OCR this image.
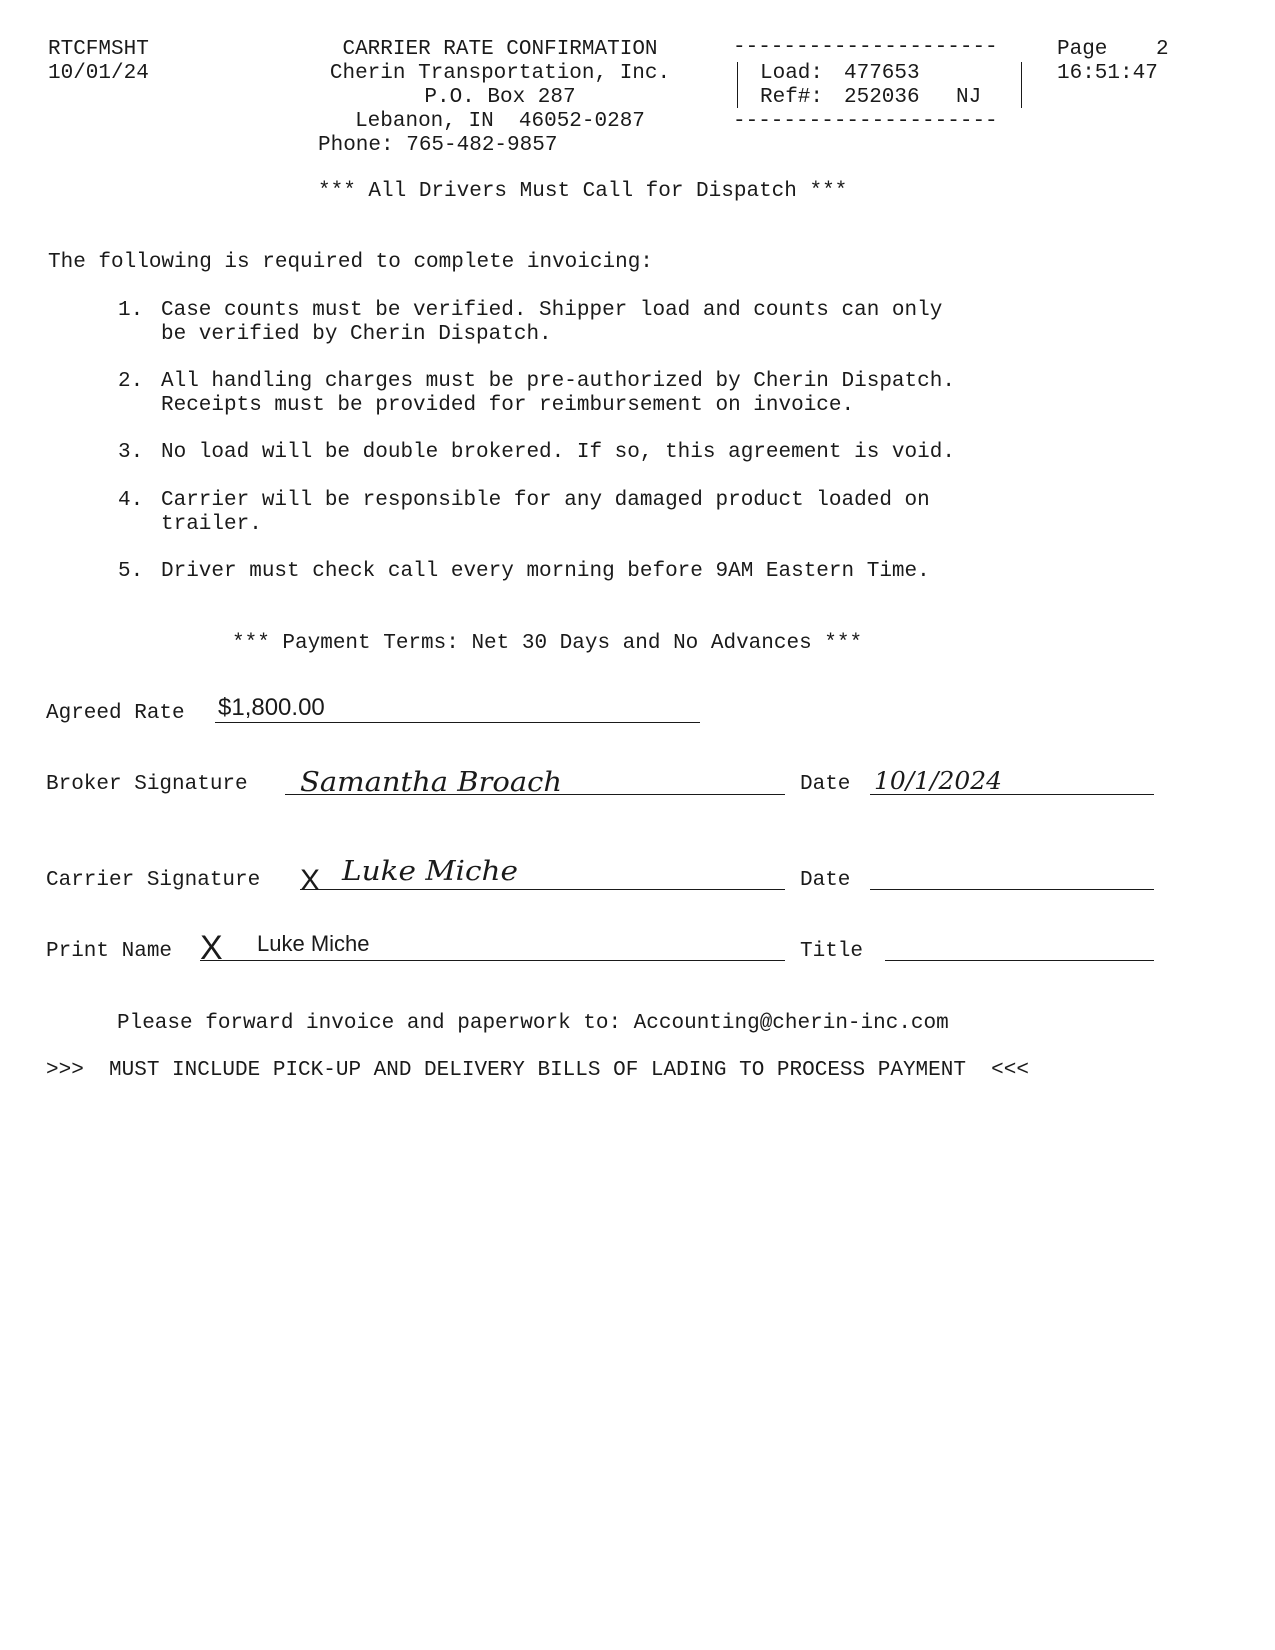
RTCFMSHT
10/01/24
CARRIER RATE CONFIRMATION
Cherin Transportation, Inc.
P.O. Box 287
Lebanon, IN  46052-0287
Phone: 765-482-9857
---------------------
Load: 477653
Ref#: 252036 NJ
---------------------
Page 2
16:51:47
*** All Drivers Must Call for Dispatch ***
The following is required to complete invoicing:
1. Case counts must be verified. Shipper load and counts can only
be verified by Cherin Dispatch.
2. All handling charges must be pre-authorized by Cherin Dispatch.
Receipts must be provided for reimbursement on invoice.
3. No load will be double brokered. If so, this agreement is void.
4. Carrier will be responsible for any damaged product loaded on
trailer.
5. Driver must check call every morning before 9AM Eastern Time.
*** Payment Terms: Net 30 Days and No Advances ***
Agreed Rate $1,800.00
Broker Signature Samantha Broach	Date 10/1/2024
Carrier Signature X Luke Miche	Date
Print Name X Luke Miche	Title
Please forward invoice and paperwork to: Accounting@cherin-inc.com
>>>  MUST INCLUDE PICK-UP AND DELIVERY BILLS OF LADING TO PROCESS PAYMENT  <<<
